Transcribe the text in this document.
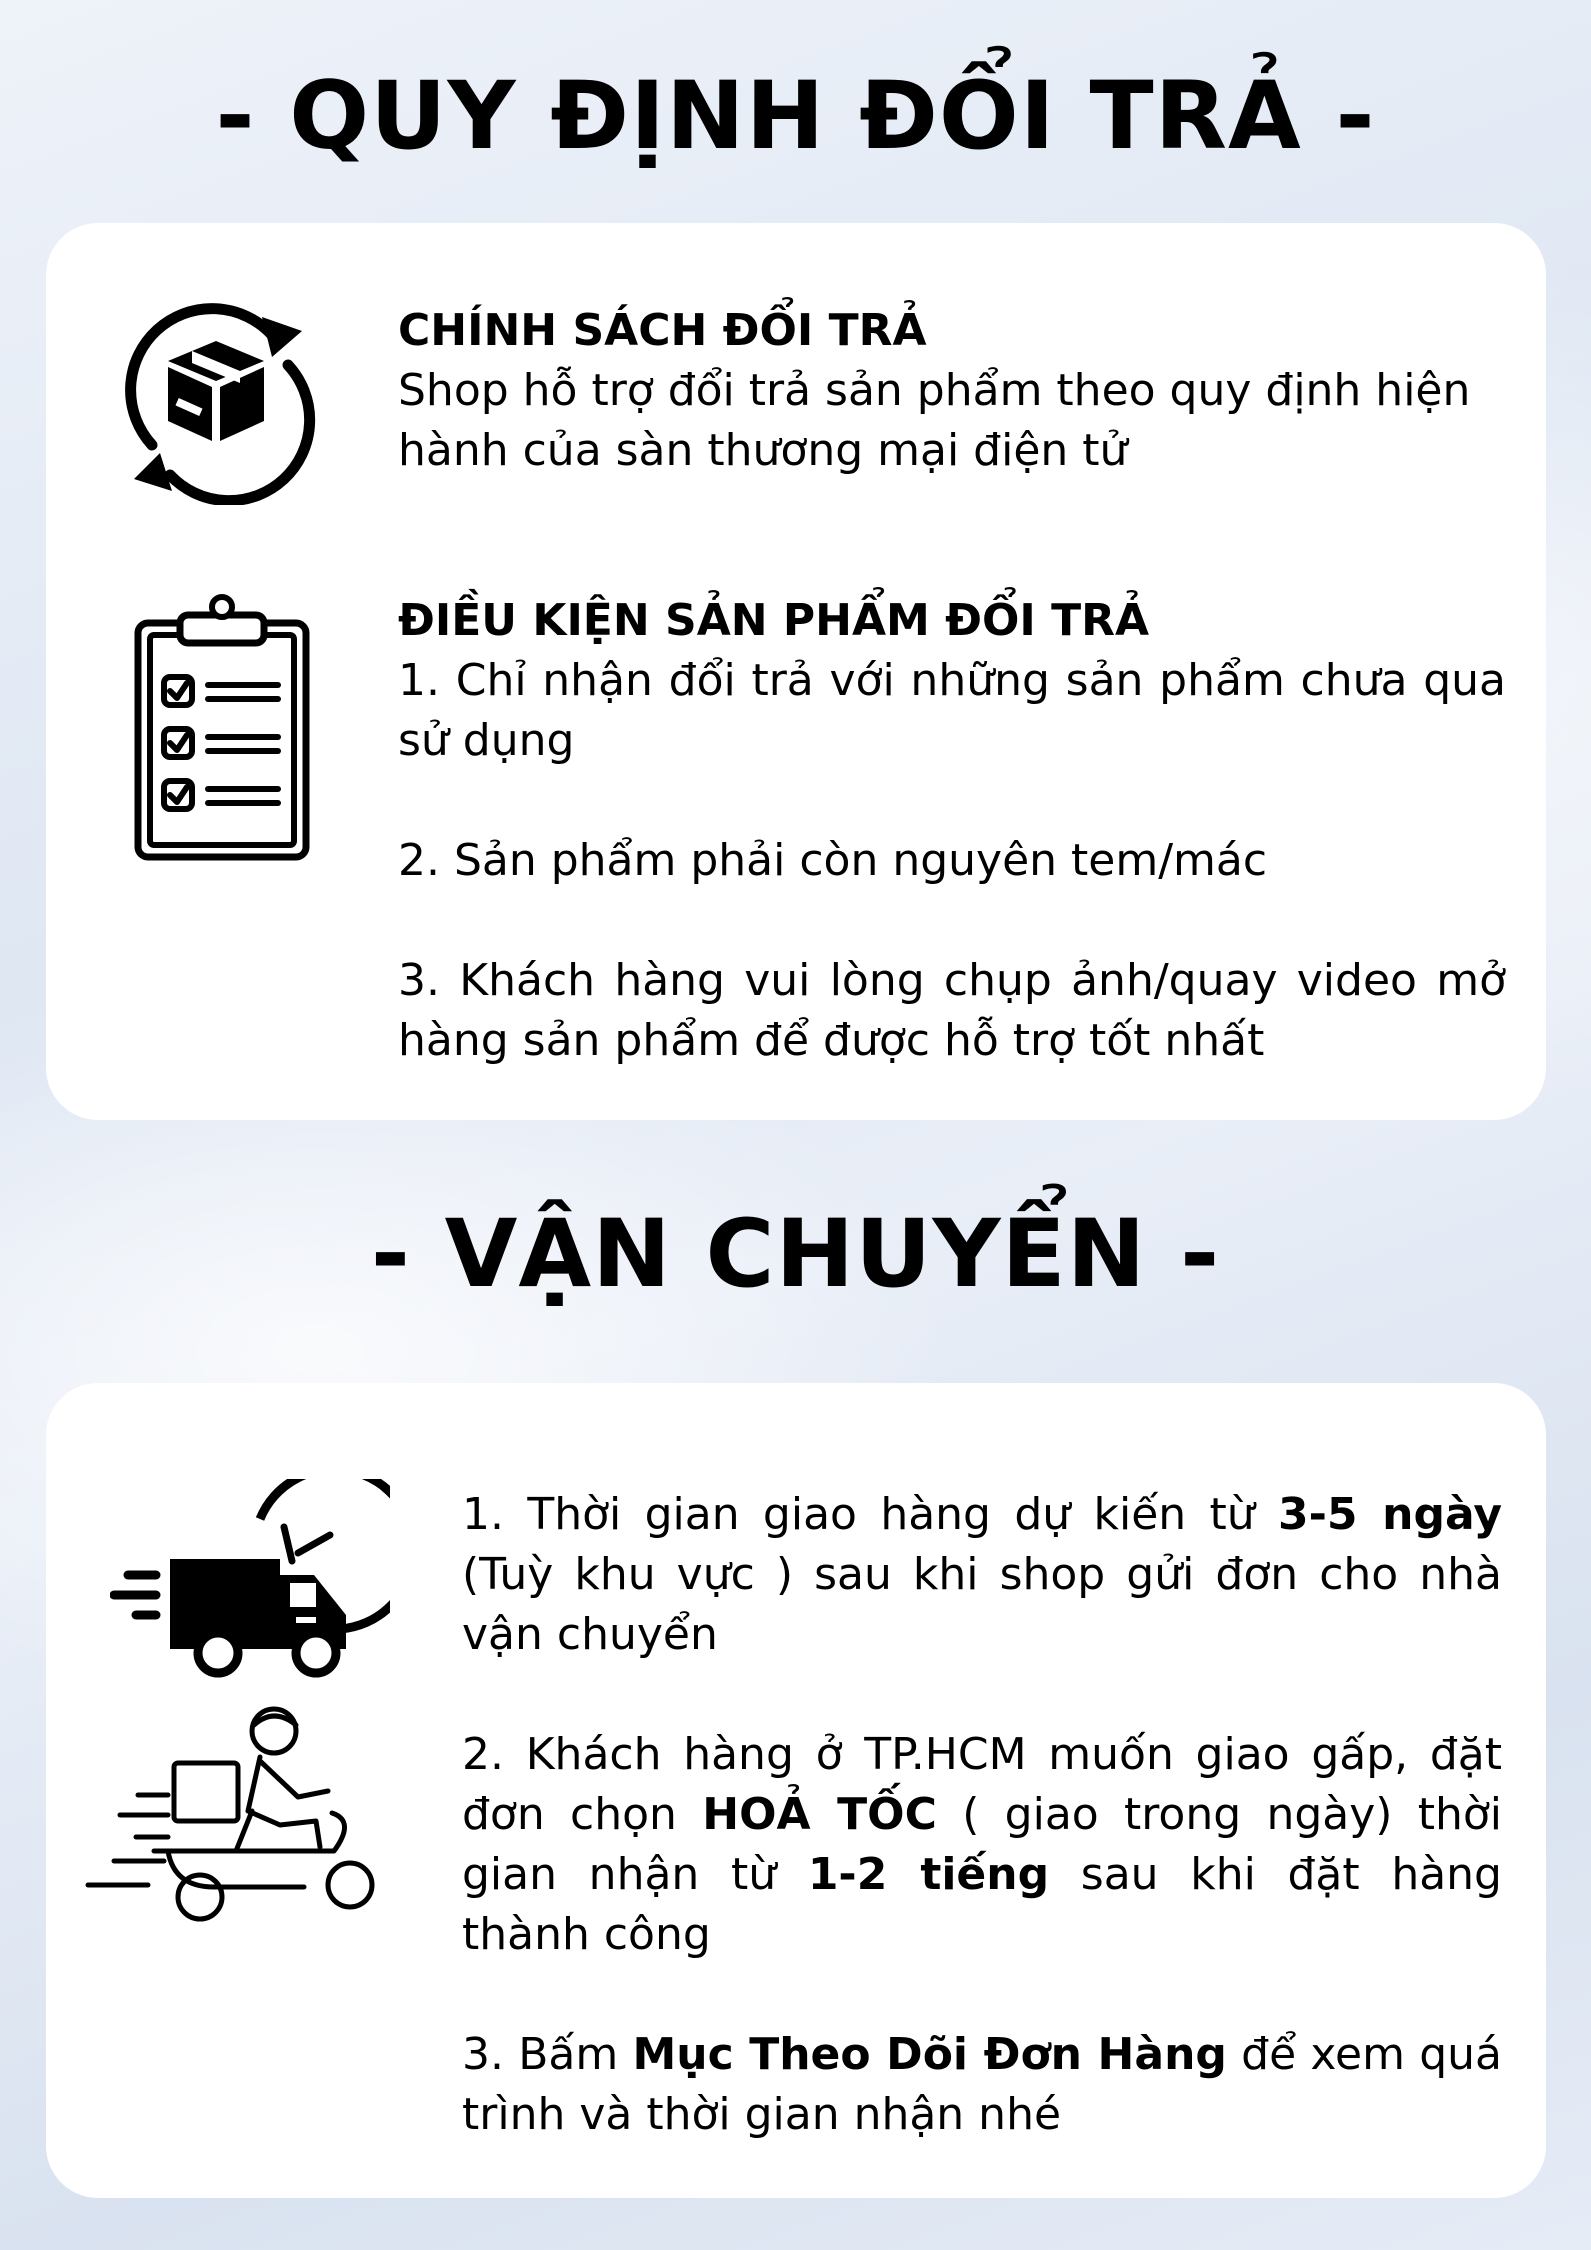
- QUY ĐỊNH ĐỔI TRẢ -

CHÍNH SÁCH ĐỔI TRẢ

Shop hỗ trợ đổi trả sản phẩm theo quy định hiện hành của sàn thương mại điện tử

ĐIỀU KIỆN SẢN PHẨM ĐỔI TRẢ

1. Chỉ nhận đổi trả với những sản phẩm chưa qua sử dụng

2. Sản phẩm phải còn nguyên tem/mác

3. Khách hàng vui lòng chụp ảnh/quay video mở hàng sản phẩm để được hỗ trợ tốt nhất

- VẬN CHUYỂN -

1. Thời gian giao hàng dự kiến từ 3-5 ngày (Tuỳ khu vực ) sau khi shop gửi đơn cho nhà vận chuyển

2. Khách hàng ở TP.HCM muốn giao gấp, đặt đơn chọn HOẢ TỐC ( giao trong ngày) thời gian nhận từ 1-2 tiếng sau khi đặt hàng thành công

3. Bấm Mục Theo Dõi Đơn Hàng để xem quá trình và thời gian nhận nhé
